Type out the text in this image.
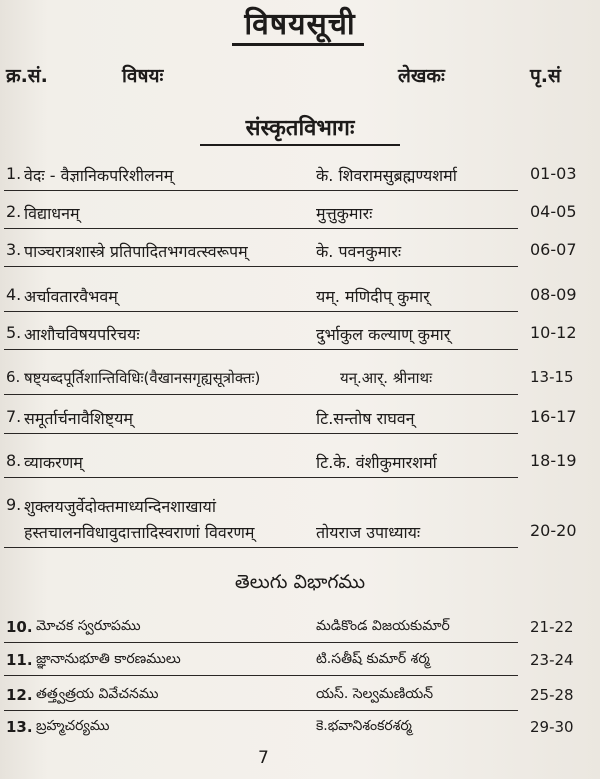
विषयसूची
क्र.सं.	विषयः	लेखकः	पृ.सं
संस्कृतविभागः
1. वेदः - वैज्ञानिकपरिशीलनम्	के. शिवरामसुब्रह्मण्यशर्मा	01-03
2. विद्याधनम्	मुत्तुकुमारः	04-05
3. पाञ्चरात्रशास्त्रे प्रतिपादितभगवत्स्वरूपम्	के. पवनकुमारः	06-07
4. अर्चावतारवैभवम्	यम्. मणिदीप् कुमार्	08-09
5. आशौचविषयपरिचयः	दुर्भाकुल कल्याण् कुमार्	10-12
6. षष्ट्यब्दपूर्तिशान्तिविधिः(वैखानसगृह्यसूत्रोक्तः)	यन्.आर्. श्रीनाथः	13-15
7. समूर्तार्चनावैशिष्ट्यम्	टि.सन्तोष राघवन्	16-17
8. व्याकरणम्	टि.के. वंशीकुमारशर्मा	18-19
9. शुक्लयजुर्वेदोक्तमाध्यन्दिनशाखायां
हस्तचालनविधावुदात्तादिस्वराणां विवरणम्	तोयराज उपाध्यायः	20-20
తెలుగు విభాగము
10. మోచక స్వరూపము	మడికొండ విజయకుమార్	21-22
11. జ్ఞానానుభూతి కారణములు	టి.సతీష్ కుమార్ శర్మ	23-24
12. తత్త్వత్రయ వివేచనము	యస్. సెల్వమణియన్	25-28
13. బ్రహ్మచర్యము	కె.భవానిశంకరశర్మ	29-30
7
